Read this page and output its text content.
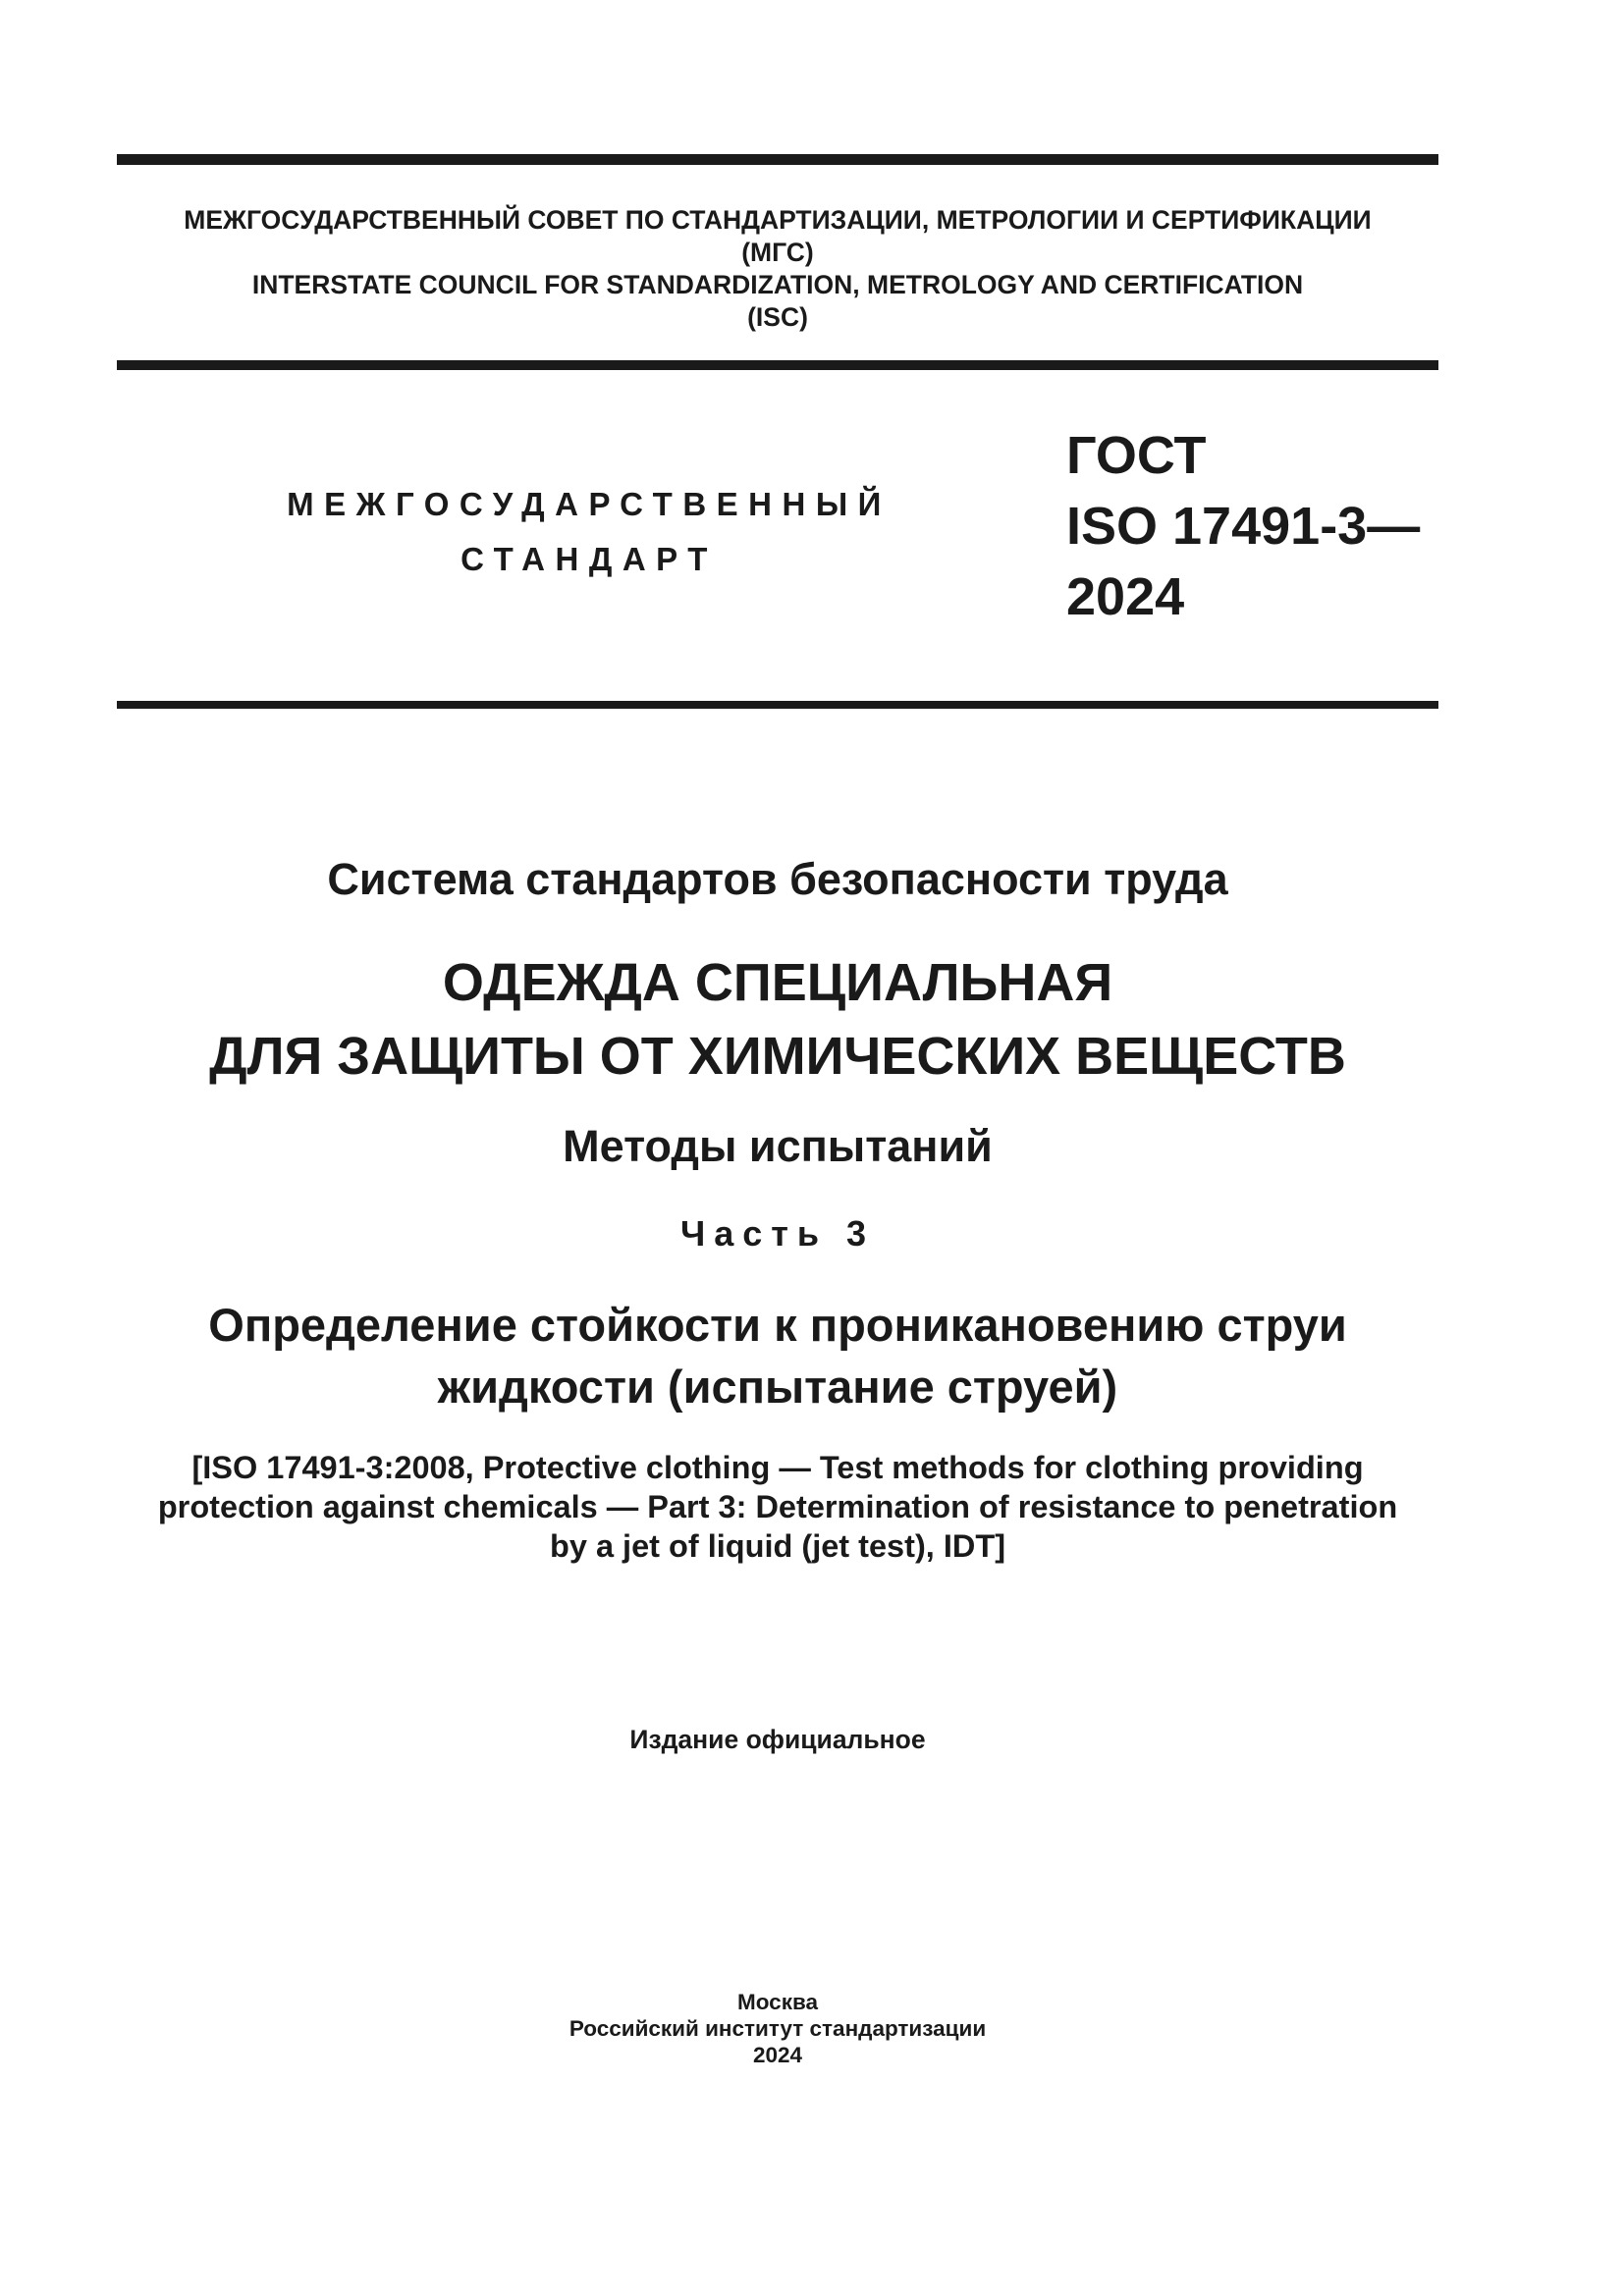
МЕЖГОСУДАРСТВЕННЫЙ СОВЕТ ПО СТАНДАРТИЗАЦИИ, МЕТРОЛОГИИ И СЕРТИФИКАЦИИ
(МГС)
INTERSTATE COUNCIL FOR STANDARDIZATION, METROLOGY AND CERTIFICATION
(ISC)
МЕЖГОСУДАРСТВЕННЫЙ
СТАНДАРТ
ГОСТ
ISO 17491-3—
2024
Система стандартов безопасности труда
ОДЕЖДА СПЕЦИАЛЬНАЯ
ДЛЯ ЗАЩИТЫ ОТ ХИМИЧЕСКИХ ВЕЩЕСТВ
Методы испытаний
Часть 3
Определение стойкости к проникановению струи
жидкости (испытание струей)
[ISO 17491-3:2008, Protective clothing — Test methods for clothing providing
protection against chemicals — Part 3: Determination of resistance to penetration
by a jet of liquid (jet test), IDT]
Издание официальное
Москва
Российский институт стандартизации
2024
